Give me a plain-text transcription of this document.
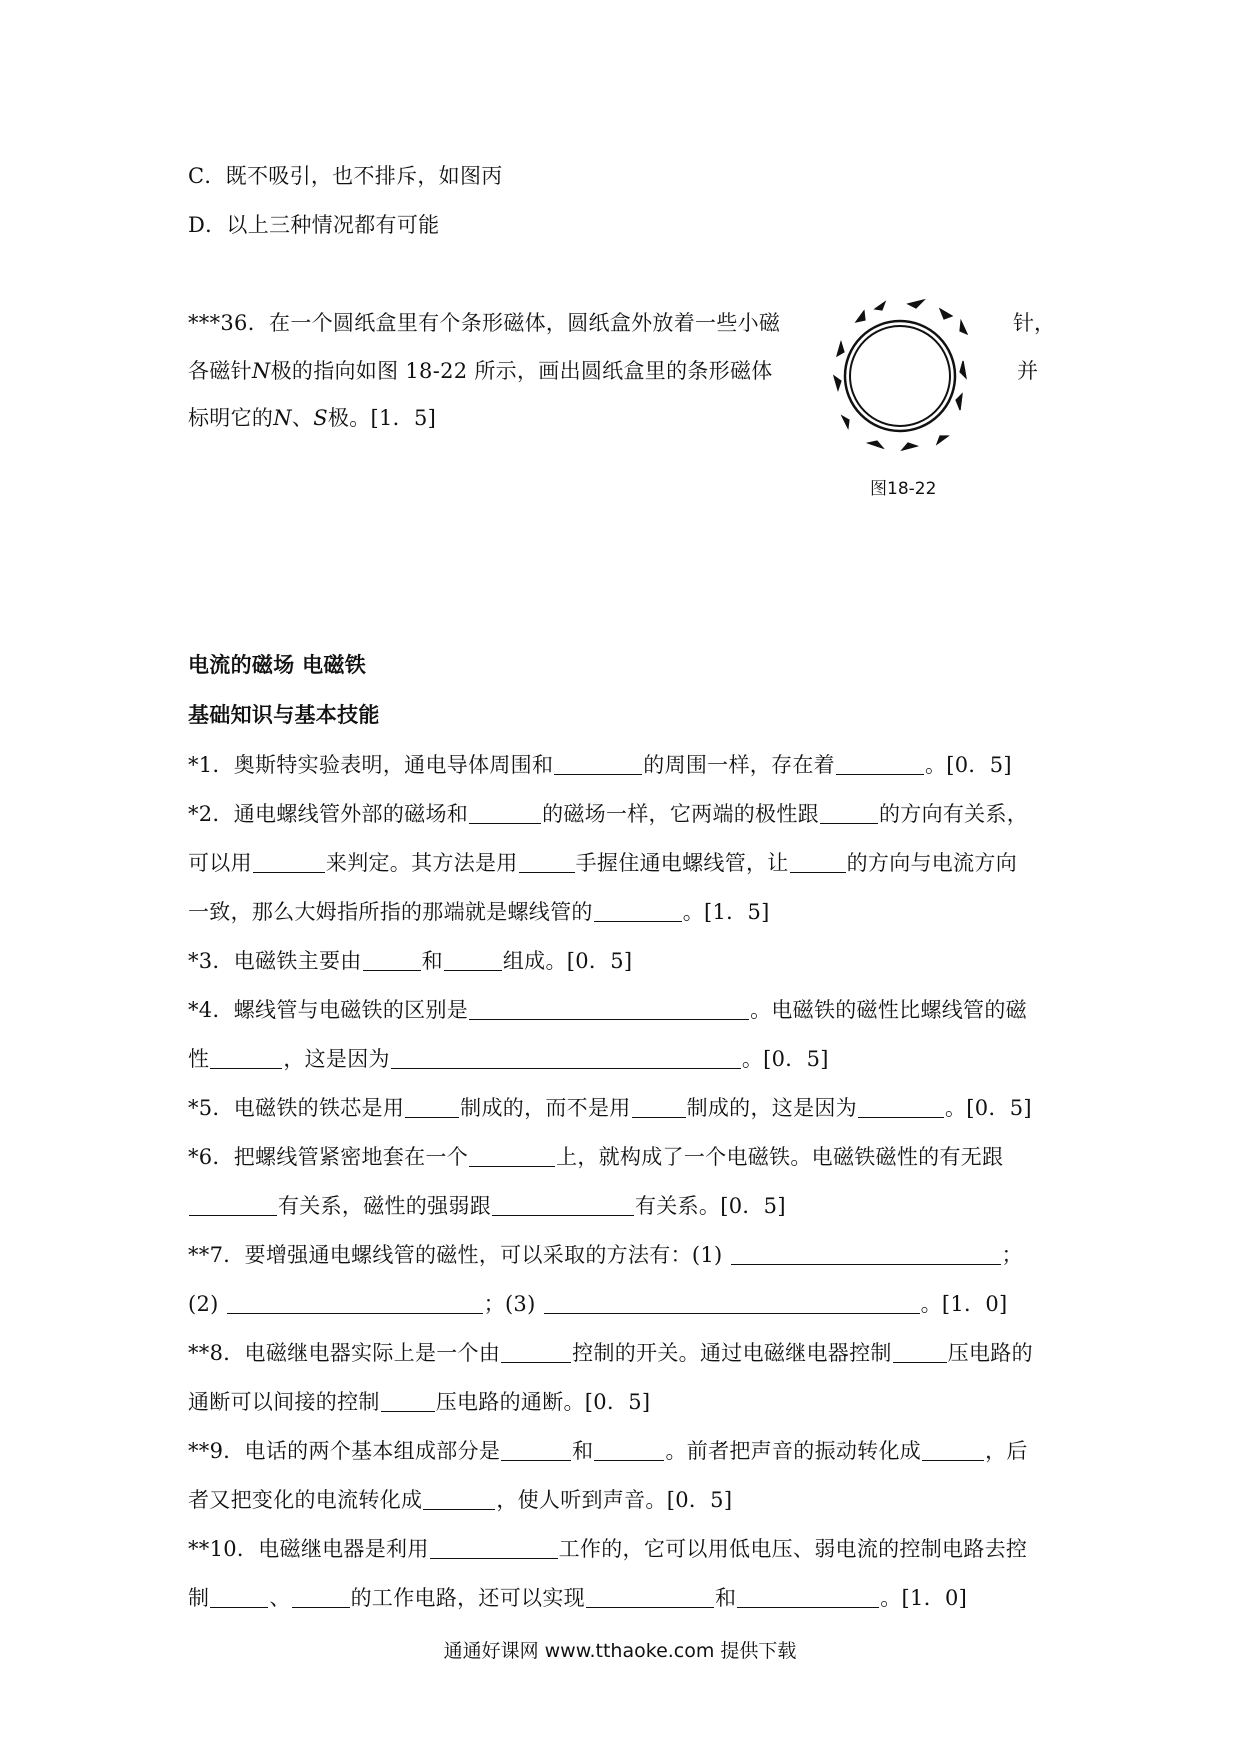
C．既不吸引，也不排斥，如图丙
D．以上三种情况都有可能
***36．在一个圆纸盒里有个条形磁体，圆纸盒外放着一些小磁	针，
各磁针N极的指向如图 18-22 所示，画出圆纸盒里的条形磁体	并
标明它的N、S极。[1．5]
图18-22
电流的磁场 电磁铁
基础知识与基本技能
*1．奥斯特实验表明，通电导体周围和	的周围一样，存在着	。[0．5]
*2．通电螺线管外部的磁场和	的磁场一样，它两端的极性跟	的方向有关系，
可以用	来判定。其方法是用	手握住通电螺线管，让	的方向与电流方向
一致，那么大姆指所指的那端就是螺线管的	。[1．5]
*3．电磁铁主要由	和	组成。[0．5]
*4．螺线管与电磁铁的区别是	。电磁铁的磁性比螺线管的磁
性	，这是因为	。[0．5]
*5．电磁铁的铁芯是用	制成的，而不是用	制成的，这是因为	。[0．5]
*6．把螺线管紧密地套在一个	上，就构成了一个电磁铁。电磁铁磁性的有无跟
有关系，磁性的强弱跟	有关系。[0．5]
**7．要增强通电螺线管的磁性，可以采取的方法有：(1)	；
(2)	；(3)	。[1．0]
**8．电磁继电器实际上是一个由	控制的开关。通过电磁继电器控制	压电路的
通断可以间接的控制	压电路的通断。[0．5]
**9．电话的两个基本组成部分是	和	。前者把声音的振动转化成	，后
者又把变化的电流转化成	，使人听到声音。[0．5]
**10．电磁继电器是利用	工作的，它可以用低电压、弱电流的控制电路去控
制	、	的工作电路，还可以实现	和	。[1．0]
通通好课网 www.tthaoke.com 提供下载
